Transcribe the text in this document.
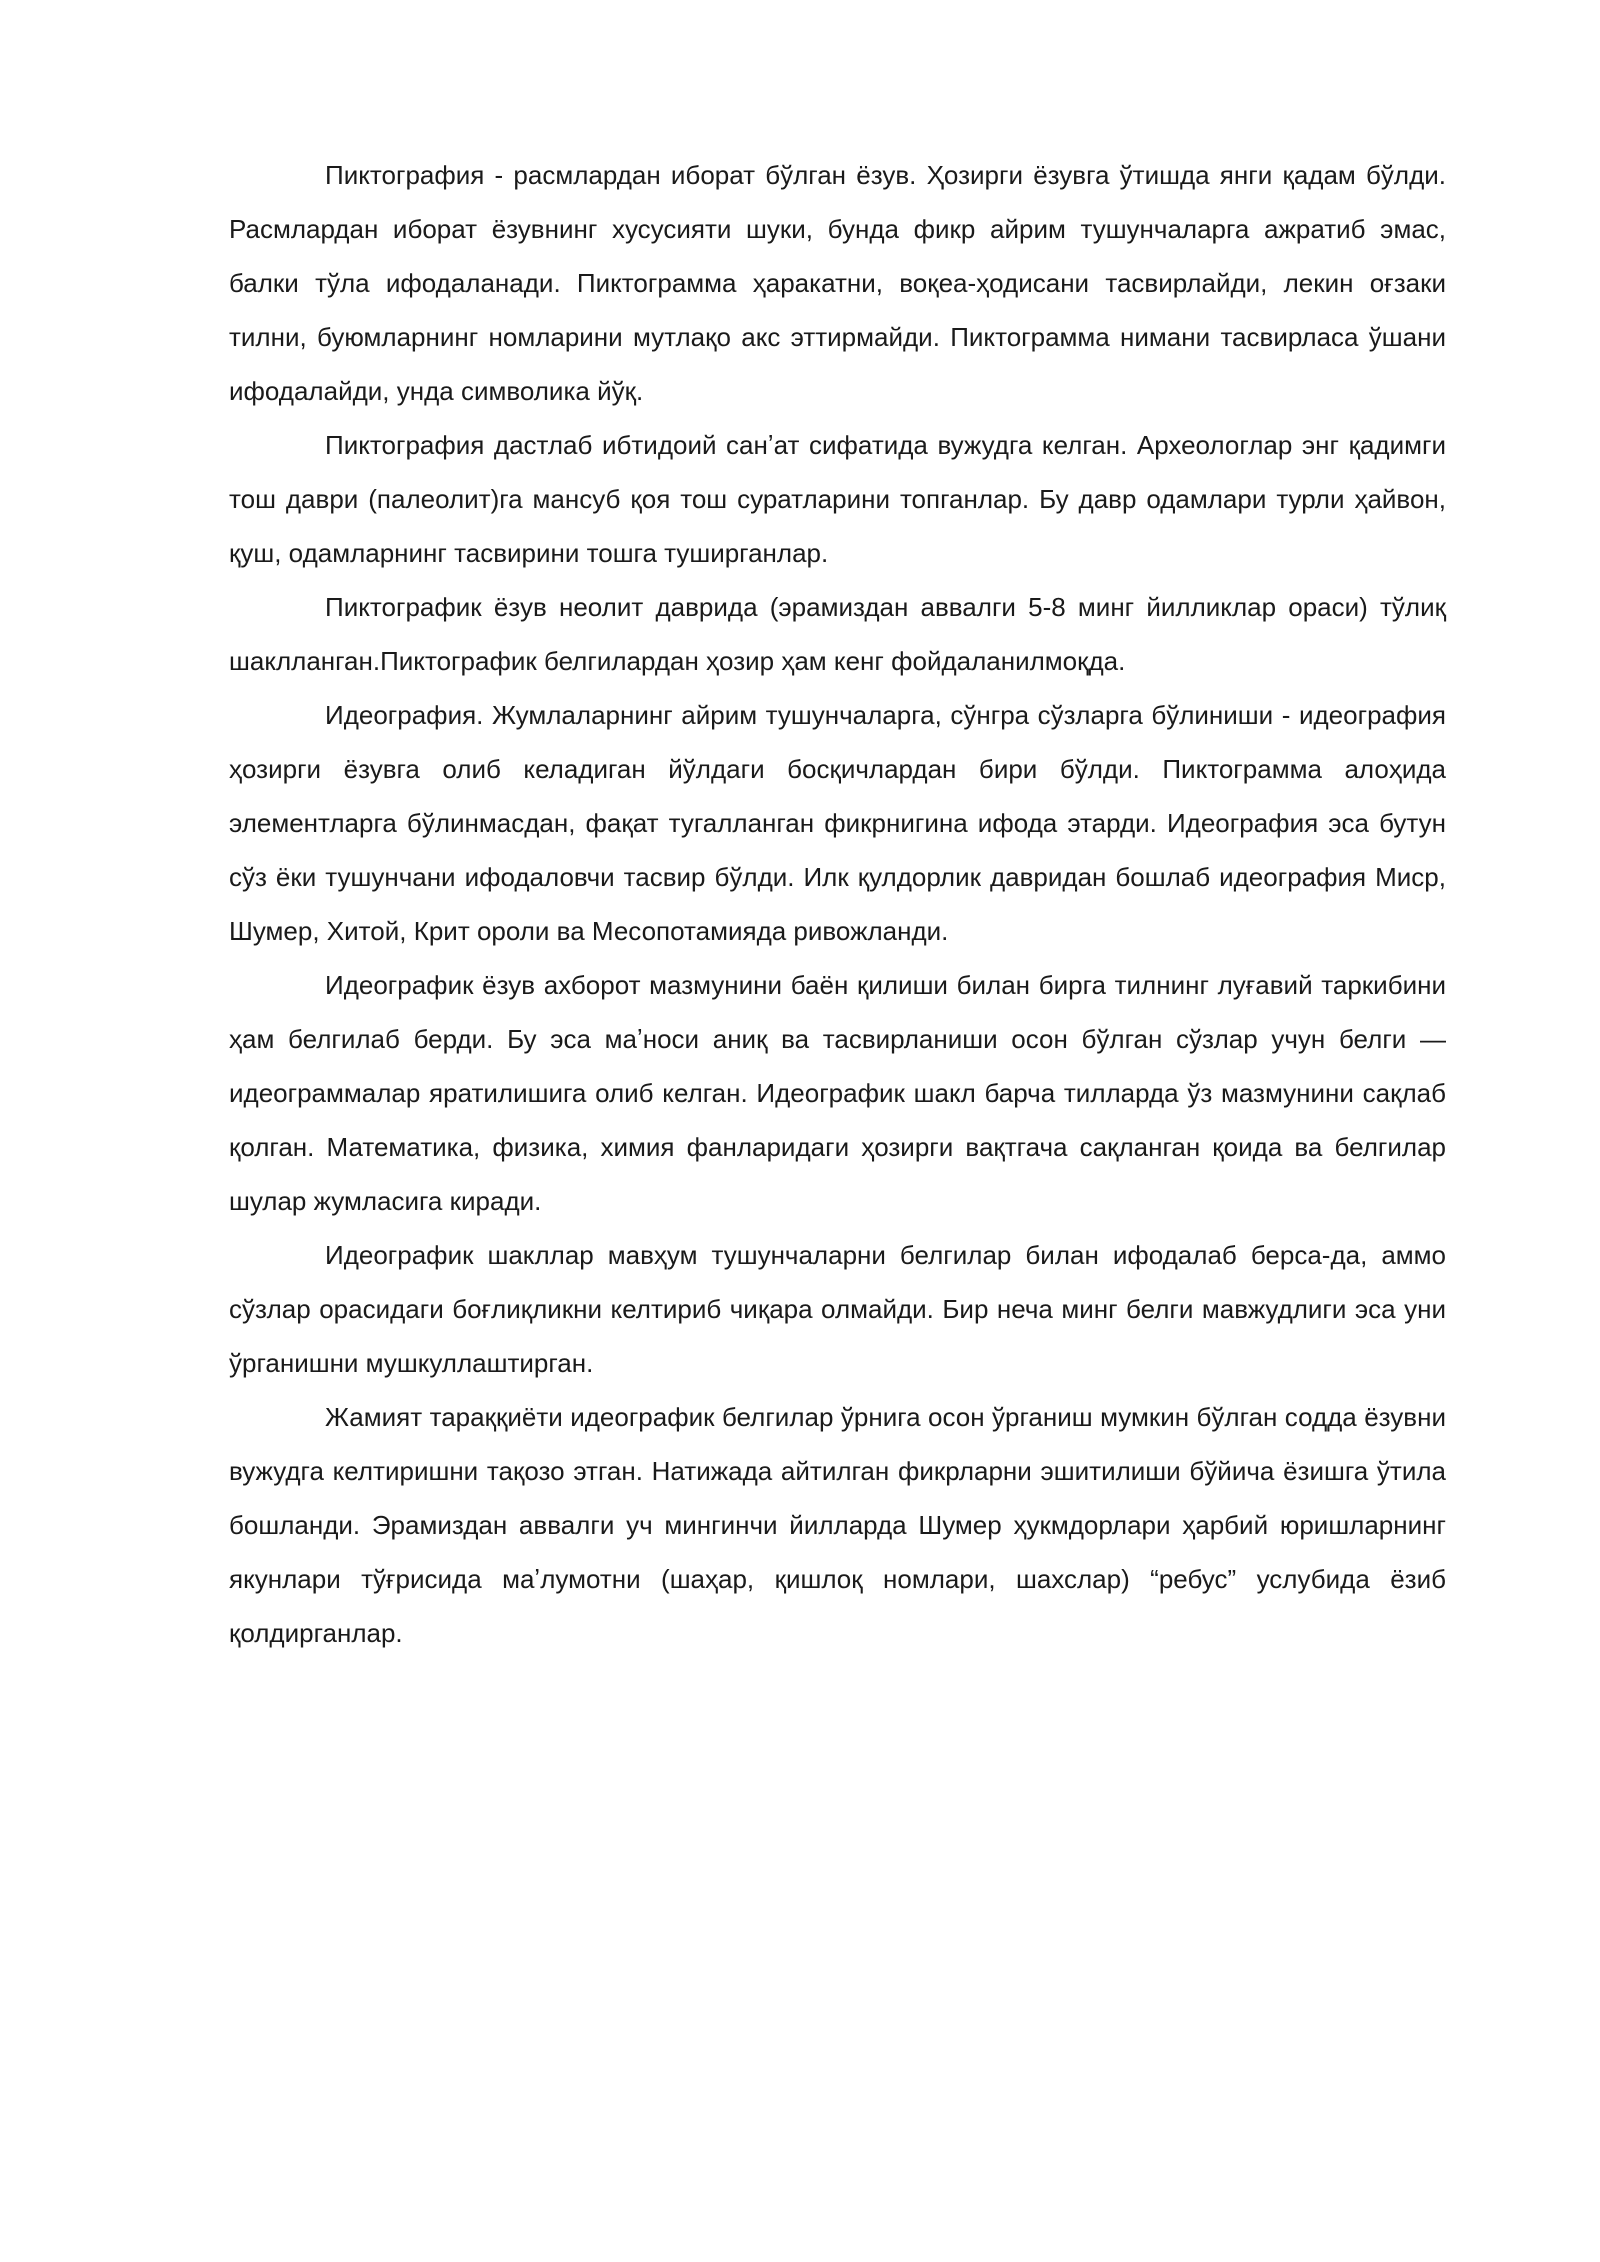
Пиктография - расмлардан иборат бўлган ёзув. Ҳозирги ёзувга ўтишда янги қадам бўлди. Расмлардан иборат ёзувнинг хусусияти шуки, бунда фикр айрим тушунчаларга ажратиб эмас, балки тўла ифодаланади. Пиктограмма ҳаракатни, воқеа-ҳодисани тасвирлайди, лекин оғзаки тилни, буюмларнинг номларини мутлақо акс эттирмайди. Пиктограмма нимани тасвирласа ўшани ифодалайди, унда символика йўқ.

Пиктография дастлаб ибтидоий санʼат сифатида вужудга келган. Археологлар энг қадимги тош даври (палеолит)га мансуб қоя тош суратларини топганлар. Бу давр одамлари турли ҳайвон, қуш, одамларнинг тасвирини тошга туширганлар.

Пиктографик ёзув неолит даврида (эрамиздан аввалги 5-8 минг йилликлар ораси) тўлиқ шаклланган.Пиктографик белгилардан ҳозир ҳам кенг фойдаланилмоқда.

Идеография. Жумлаларнинг айрим тушунчаларга, сўнгра сўзларга бўлиниши - идеография ҳозирги ёзувга олиб келадиган йўлдаги босқичлардан бири бўлди. Пиктограмма алоҳида элементларга бўлинмасдан, фақат тугалланган фикрнигина ифода этарди. Идеография эса бутун сўз ёки тушунчани ифодаловчи тасвир бўлди. Илк қулдорлик давридан бошлаб идеография Миср, Шумер, Хитой, Крит ороли ва Месопотамияда ривожланди.

Идеографик ёзув ахборот мазмунини баён қилиши билан бирга тилнинг луғавий таркибини ҳам белгилаб берди. Бу эса маʼноси аниқ ва тасвирланиши осон бўлган сўзлар учун белги — идеограммалар яратилишига олиб келган. Идеографик шакл барча тилларда ўз мазмунини сақлаб қолган. Математика, физика, химия фанларидаги ҳозирги вақтгача сақланган қоида ва белгилар шулар жумласига киради.

Идеографик шакллар мавҳум тушунчаларни белгилар билан ифодалаб берса-да, аммо сўзлар орасидаги боғлиқликни келтириб чиқара олмайди. Бир неча минг белги мавжудлиги эса уни ўрганишни мушкуллаштирган.

Жамият тараққиёти идеографик белгилар ўрнига осон ўрганиш мумкин бўлган содда ёзувни вужудга келтиришни тақозо этган. Натижада айтилган фикрларни эшитилиши бўйича ёзишга ўтила бошланди. Эрамиздан аввалги уч мингинчи йилларда Шумер ҳукмдорлари ҳарбий юришларнинг якунлари тўғрисида маʼлумотни (шаҳар, қишлоқ номлари, шахслар) “ребус” услубида ёзиб қолдирганлар.
